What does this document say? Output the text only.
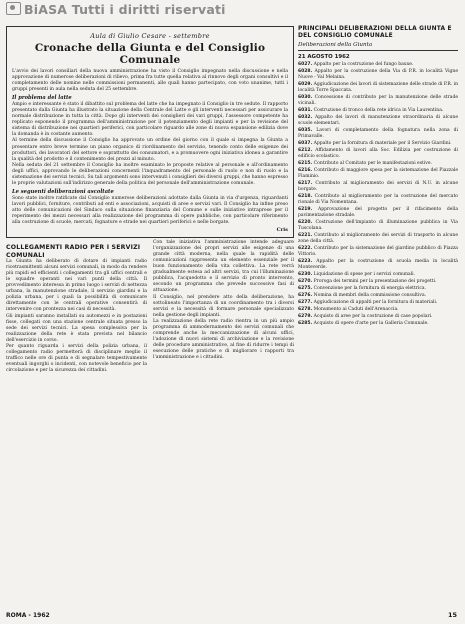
BiASA Tutti i diritti riservati
Aula di Giulio Cesare - settembre
Cronache della Giunta e del Consiglio Comunale

L'avvio dei lavori consiliari della nuova amministrazione ha visto il Consiglio impegnato nella discussione e nella approvazione di numerose deliberazioni di rilievo, prima fra tutte quella relativa al rinnovo degli organi consultivi e il completamento delle nomine nelle commissioni permanenti, alle quali hanno partecipato, con voto unanime, tutti i gruppi presenti in aula nella seduta del 25 settembre.

Il problema del latte

Ampio e interessante è stato il dibattito sul problema del latte che ha impegnato il Consiglio in tre sedute. Il rapporto presentato dalla Giunta ha illustrato la situazione della Centrale del Latte e gli interventi necessari per assicurare la normale distribuzione in tutta la città. Dopo gli interventi dei consiglieri dei vari gruppi, l'assessore competente ha replicato esponendo il programma dell'amministrazione per il potenziamento degli impianti e per la revisione del sistema di distribuzione nei quartieri periferici, con particolare riguardo alle zone di nuova espansione edilizia dove la domanda è in costante aumento.

Al termine della discussione il Consiglio ha approvato un ordine del giorno con il quale si impegna la Giunta a presentare entro breve termine un piano organico di riordinamento del servizio, tenendo conto delle esigenze dei produttori, dei lavoratori del settore e soprattutto dei consumatori, e a promuovere ogni iniziativa idonea a garantire la qualità del prodotto e il contenimento dei prezzi al minuto.

Nella seduta del 21 settembre il Consiglio ha inoltre esaminato le proposte relative al personale e all'ordinamento degli uffici, approvando le deliberazioni concernenti l'inquadramento del personale di ruolo e non di ruolo e la sistemazione dei servizi tecnici. Su tali argomenti sono intervenuti i consiglieri dei diversi gruppi, che hanno espresso le proprie valutazioni sull'indirizzo generale della politica del personale dell'amministrazione comunale.

Le seguenti deliberazioni ascoltate

Sono state inoltre ratificate dal Consiglio numerose deliberazioni adottate dalla Giunta in via d'urgenza, riguardanti lavori pubblici, forniture, contributi ad enti e associazioni, acquisti di aree e servizi vari. Il Consiglio ha infine preso atto delle comunicazioni del Sindaco sulla situazione finanziaria del Comune e sulle iniziative intraprese per il reperimento dei mezzi necessari alla realizzazione del programma di opere pubbliche, con particolare riferimento alla costruzione di scuole, mercati, fognature e strade nei quartieri periferici e nelle borgate.

Cris
COLLEGAMENTI RADIO PER I SERVIZI COMUNALI

La Giunta ha deliberato di dotare di impianti radio ricetrasmittenti alcuni servizi comunali, in modo da rendere più rapidi ed efficienti i collegamenti tra gli uffici centrali e le squadre operanti nei vari punti della città. Il provvedimento interessa in primo luogo i servizi di nettezza urbana, la manutenzione stradale, il servizio giardini e la polizia urbana, per i quali la possibilità di comunicare direttamente con le centrali operative consentirà di intervenire con prontezza nei casi di necessità.

Gli impianti saranno installati su automezzi e in postazioni fisse, collegati con una stazione centrale situata presso la sede dei servizi tecnici. La spesa complessiva per la realizzazione della rete è stata prevista nel bilancio dell'esercizio in corso.

Per quanto riguarda i servizi della polizia urbana, il collegamento radio permetterà di disciplinare meglio il traffico nelle ore di punta e di segnalare tempestivamente eventuali ingorghi o incidenti, con notevole beneficio per la circolazione e per la sicurezza dei cittadini.

Con tale iniziativa l'amministrazione intende adeguare l'organizzazione dei propri servizi alle esigenze di una grande città moderna, nella quale la rapidità delle comunicazioni rappresenta un elemento essenziale per il buon funzionamento della vita collettiva. La rete verrà gradualmente estesa ad altri servizi, tra cui l'illuminazione pubblica, l'acquedotto e il servizio di pronto intervento, secondo un programma che prevede successive fasi di attuazione.

Il Consiglio, nel prendere atto della deliberazione, ha sottolineato l'importanza di un coordinamento tra i diversi servizi e la necessità di formare personale specializzato nella gestione degli impianti.

La realizzazione della rete radio rientra in un più ampio programma di ammodernamento dei servizi comunali che comprende anche la meccanizzazione di alcuni uffici, l'adozione di nuovi sistemi di archiviazione e la revisione delle procedure amministrative, al fine di ridurre i tempi di esecuzione delle pratiche e di migliorare i rapporti tra l'amministrazione e i cittadini.

PRINCIPALI DELIBERAZIONI DELLA GIUNTA E DEL CONSIGLIO COMUNALE
Deliberazioni della Giunta
21 AGOSTO 1962

6027. Appalto per la costruzione del fungo bauxe.

6028. Appalto per la costruzione della Via di P.R. in località Vigne Nuove - Val Melaina.

6029. Aggiudicazione dei lavori di sistemazione delle strade di P.R. in località Torre Spaccata.

6030. Concessione di contributo per la manutenzione delle strade vicinali.

6031. Costruzione di tronco della rete idrica in Via Laurentina.

6032. Appalto dei lavori di manutenzione straordinaria di alcune scuole elementari.

6035. Lavori di completamento della fognatura nella zona di Primavalle.

6037. Appalto per la fornitura di materiale per il Servizio Giardini.

6212. Affidamento di lavori alla Soc. Edilizia per costruzione di edificio scolastico.

6215. Contributo al Comitato per le manifestazioni estive.

6216. Contributo di maggiore spesa per la sistemazione del Piazzale Flaminio.

6217. Contributo al miglioramento dei servizi di N.U. in alcune borgate.

6218. Contributo al miglioramento per la costruzione del mercato rionale di Via Nomentana.

6219. Approvazione del progetto per il rifacimento della pavimentazione stradale.

6220. Costruzione dell'impianto di illuminazione pubblica in Via Tuscolana.

6221. Contributo al miglioramento dei servizi di trasporto in alcune zone della città.

6222. Contributo per la sistemazione del giardino pubblico di Piazza Vittorio.

6223. Appalto per la costruzione di scuola media in località Monteverde.

6230. Liquidazione di spese per i servizi comunali.

6270. Proroga dei termini per la presentazione dei progetti.

6275. Convenzione per la fornitura di energia elettrica.

6276. Nomina di membri della commissione consultiva.

6277. Aggiudicazione di appalti per la fornitura di materiali.

6278. Monumento ai Caduti dell'Arenaccia.

6279. Acquisto di aree per la costruzione di case popolari.

6285. Acquisto di opere d'arte per la Galleria Comunale.

ROMA - 1962	15
